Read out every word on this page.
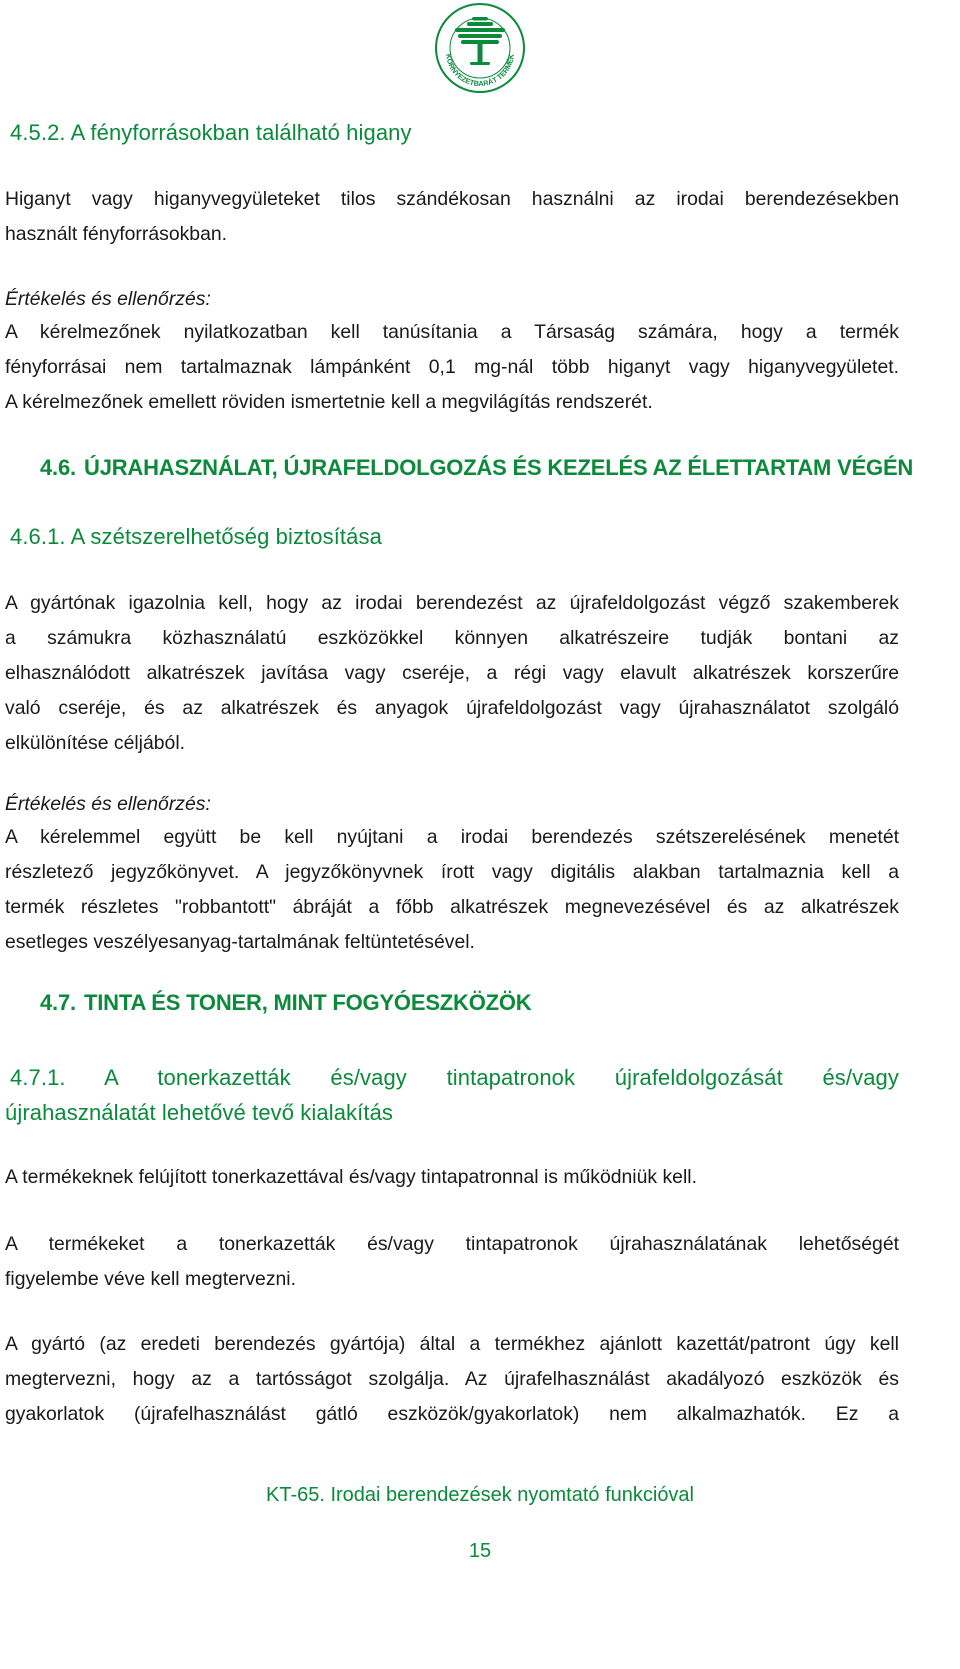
KÖRNYEZETBARÁT TERMÉK
4.5.2. A fényforrásokban található higany
Higanyt vagy higanyvegyületeket tilos szándékosan használni az irodai berendezésekben
használt fényforrásokban.
Értékelés és ellenőrzés:
A kérelmezőnek nyilatkozatban kell tanúsítania a Társaság számára, hogy a termék
fényforrásai nem tartalmaznak lámpánként 0,1 mg-nál több higanyt vagy higanyvegyületet.
A kérelmezőnek emellett röviden ismertetnie kell a megvilágítás rendszerét.
4.6. ÚJRAHASZNÁLAT, ÚJRAFELDOLGOZÁS ÉS KEZELÉS AZ ÉLETTARTAM VÉGÉN
4.6.1. A szétszerelhetőség biztosítása
A gyártónak igazolnia kell, hogy az irodai berendezést az újrafeldolgozást végző szakemberek
a számukra közhasználatú eszközökkel könnyen alkatrészeire tudják bontani az
elhasználódott alkatrészek javítása vagy cseréje, a régi vagy elavult alkatrészek korszerűre
való cseréje, és az alkatrészek és anyagok újrafeldolgozást vagy újrahasználatot szolgáló
elkülönítése céljából.
Értékelés és ellenőrzés:
A kérelemmel együtt be kell nyújtani a irodai berendezés szétszerelésének menetét
részletező jegyzőkönyvet. A jegyzőkönyvnek írott vagy digitális alakban tartalmaznia kell a
termék részletes "robbantott" ábráját a főbb alkatrészek megnevezésével és az alkatrészek
esetleges veszélyesanyag-tartalmának feltüntetésével.
4.7. TINTA ÉS TONER, MINT FOGYÓESZKÖZÖK
4.7.1. A tonerkazetták és/vagy tintapatronok újrafeldolgozását és/vagy
újrahasználatát lehetővé tevő kialakítás
A termékeknek felújított tonerkazettával és/vagy tintapatronnal is működniük kell.
A termékeket a tonerkazetták és/vagy tintapatronok újrahasználatának lehetőségét
figyelembe véve kell megtervezni.
A gyártó (az eredeti berendezés gyártója) által a termékhez ajánlott kazettát/patront úgy kell
megtervezni, hogy az a tartósságot szolgálja. Az újrafelhasználást akadályozó eszközök és
gyakorlatok (újrafelhasználást gátló eszközök/gyakorlatok) nem alkalmazhatók. Ez a
KT-65. Irodai berendezések nyomtató funkcióval
15
